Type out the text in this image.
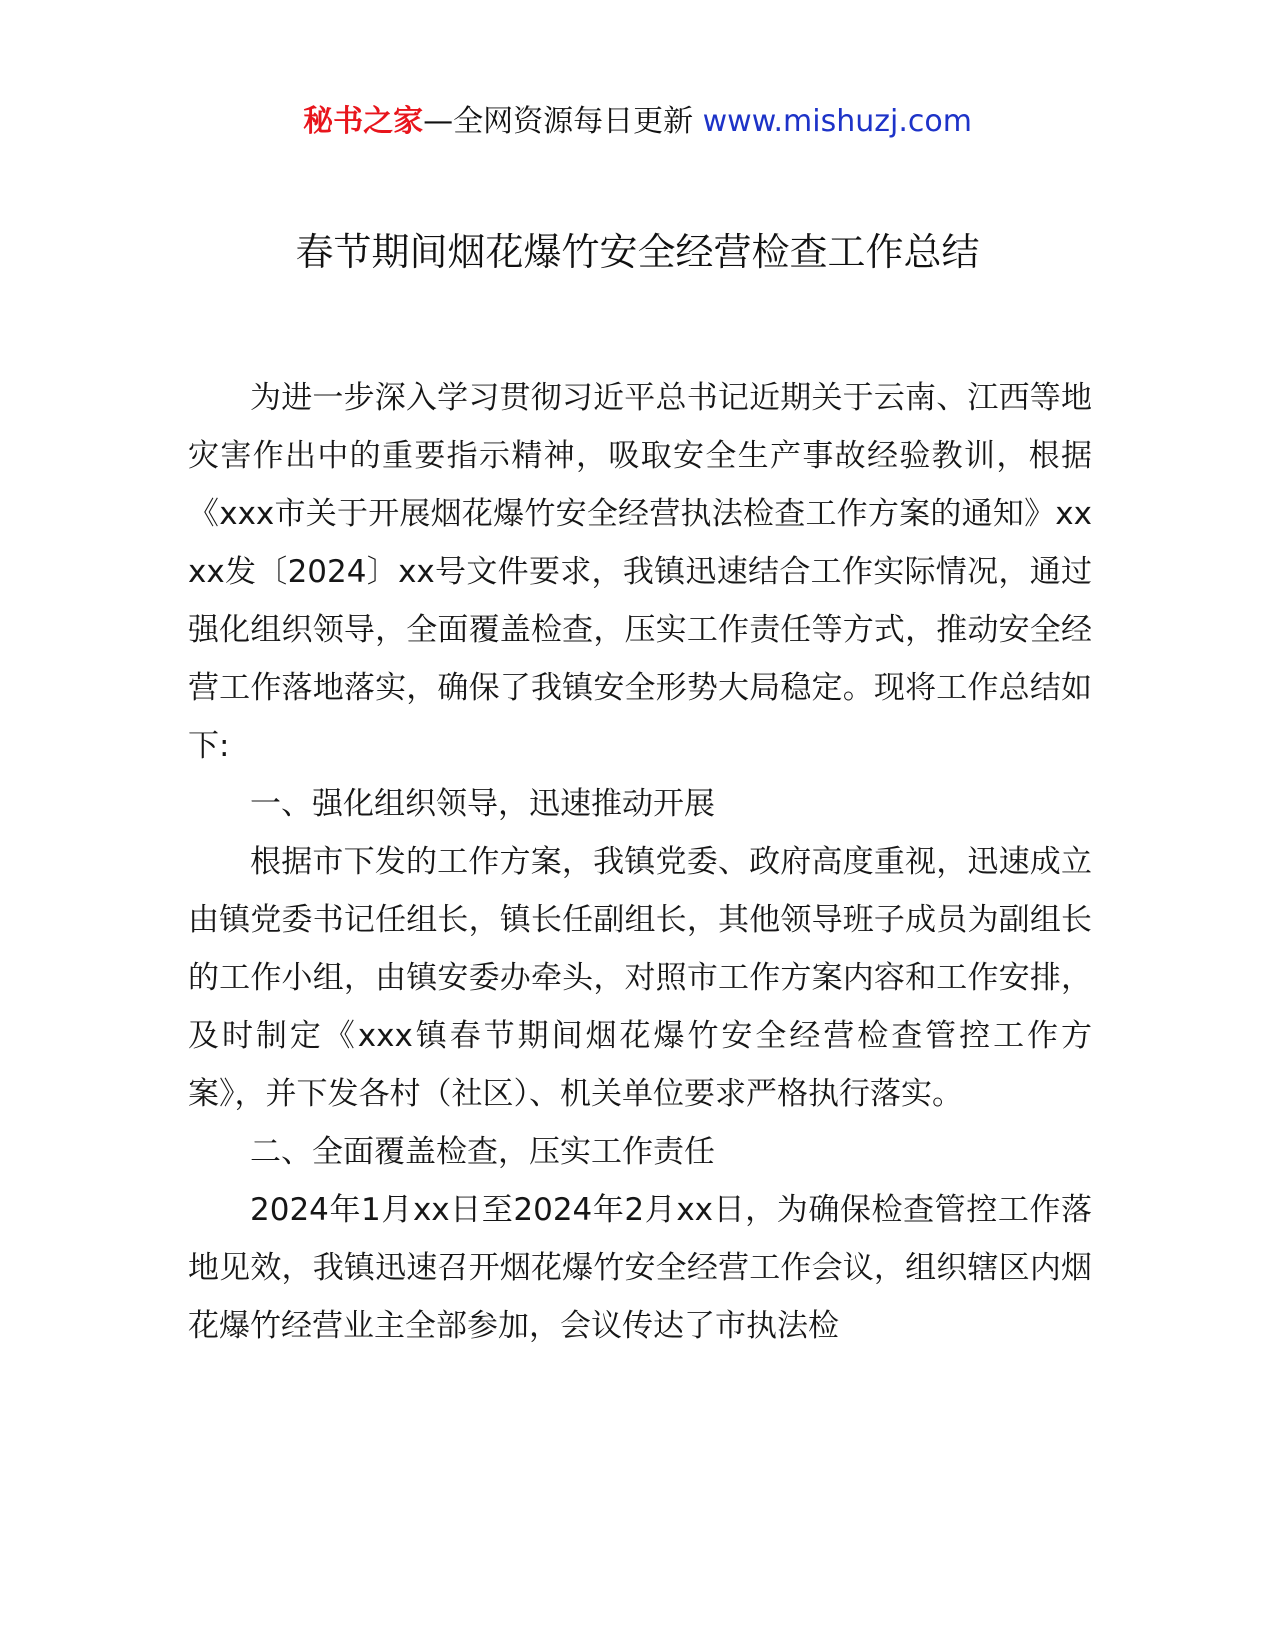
秘书之家—全网资源每日更新 www.mishuzj.com
春节期间烟花爆竹安全经营检查工作总结

为进一步深入学习贯彻习近平总书记近期关于云南、江西等地灾害作出中的重要指示精神，吸取安全生产事故经验教训，根据《xxx市关于开展烟花爆竹安全经营执法检查工作方案的通知》xxxx发〔2024〕xx号文件要求，我镇迅速结合工作实际情况，通过强化组织领导，全面覆盖检查，压实工作责任等方式，推动安全经营工作落地落实，确保了我镇安全形势大局稳定。现将工作总结如下:

一、强化组织领导，迅速推动开展

根据市下发的工作方案，我镇党委、政府高度重视，迅速成立由镇党委书记任组长，镇长任副组长，其他领导班子成员为副组长的工作小组，由镇安委办牵头，对照市工作方案内容和工作安排，及时制定《xxx镇春节期间烟花爆竹安全经营检查管控工作方案》，并下发各村（社区）、机关单位要求严格执行落实。

二、全面覆盖检查，压实工作责任

2024年1月xx日至2024年2月xx日，为确保检查管控工作落地见效，我镇迅速召开烟花爆竹安全经营工作会议，组织辖区内烟花爆竹经营业主全部参加，会议传达了市执法检
